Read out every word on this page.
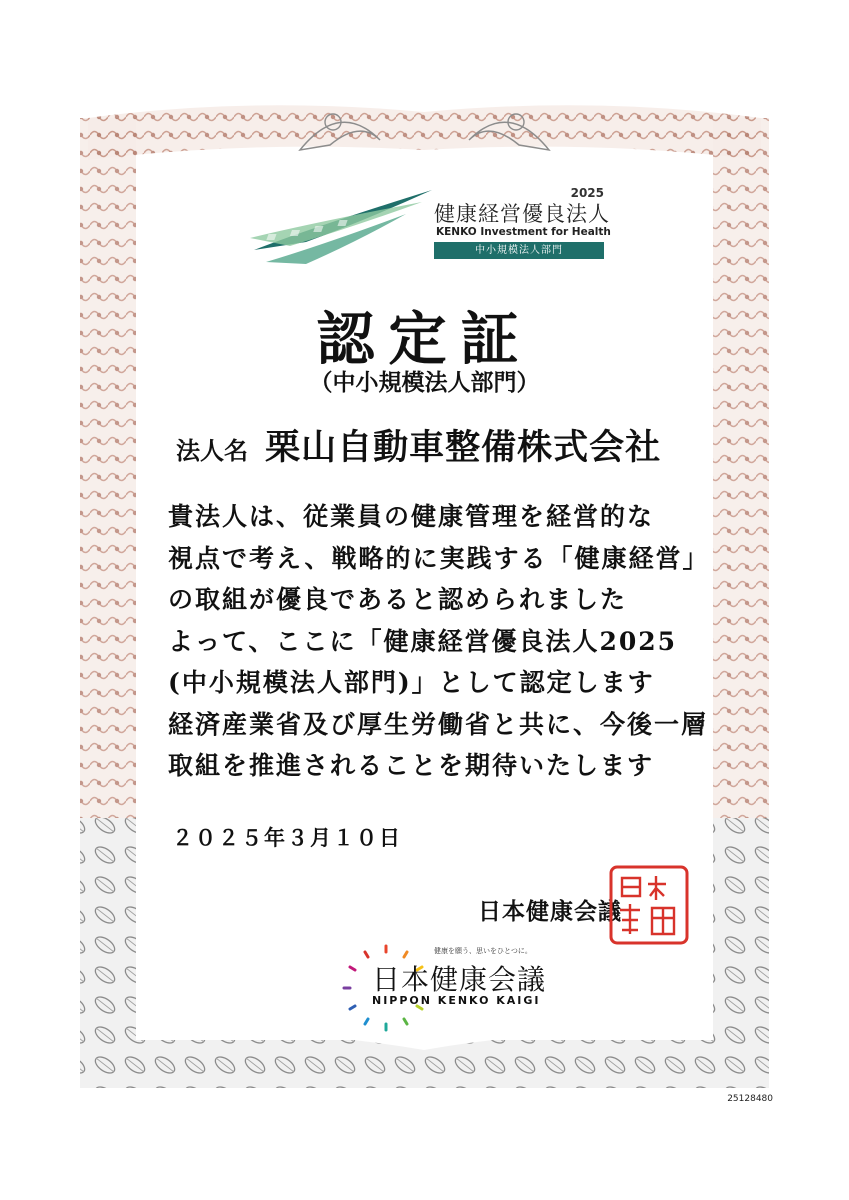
2025
健康経営優良法人
KENKO Investment for Health
中小規模法人部門
認定証
（中小規模法人部門）
法人名 栗山自動車整備株式会社
貴法人は、従業員の健康管理を経営的な
視点で考え、戦略的に実践する「健康経営」
の取組が優良であると認められました
よって、ここに「健康経営優良法人2025
(中小規模法人部門)」として認定します
経済産業省及び厚生労働省と共に、今後一層
取組を推進されることを期待いたします
２０２５年３月１０日
日本健康会議
健康を願う、思いをひとつに。
日本健康会議
NIPPON KENKO KAIGI
25128480
